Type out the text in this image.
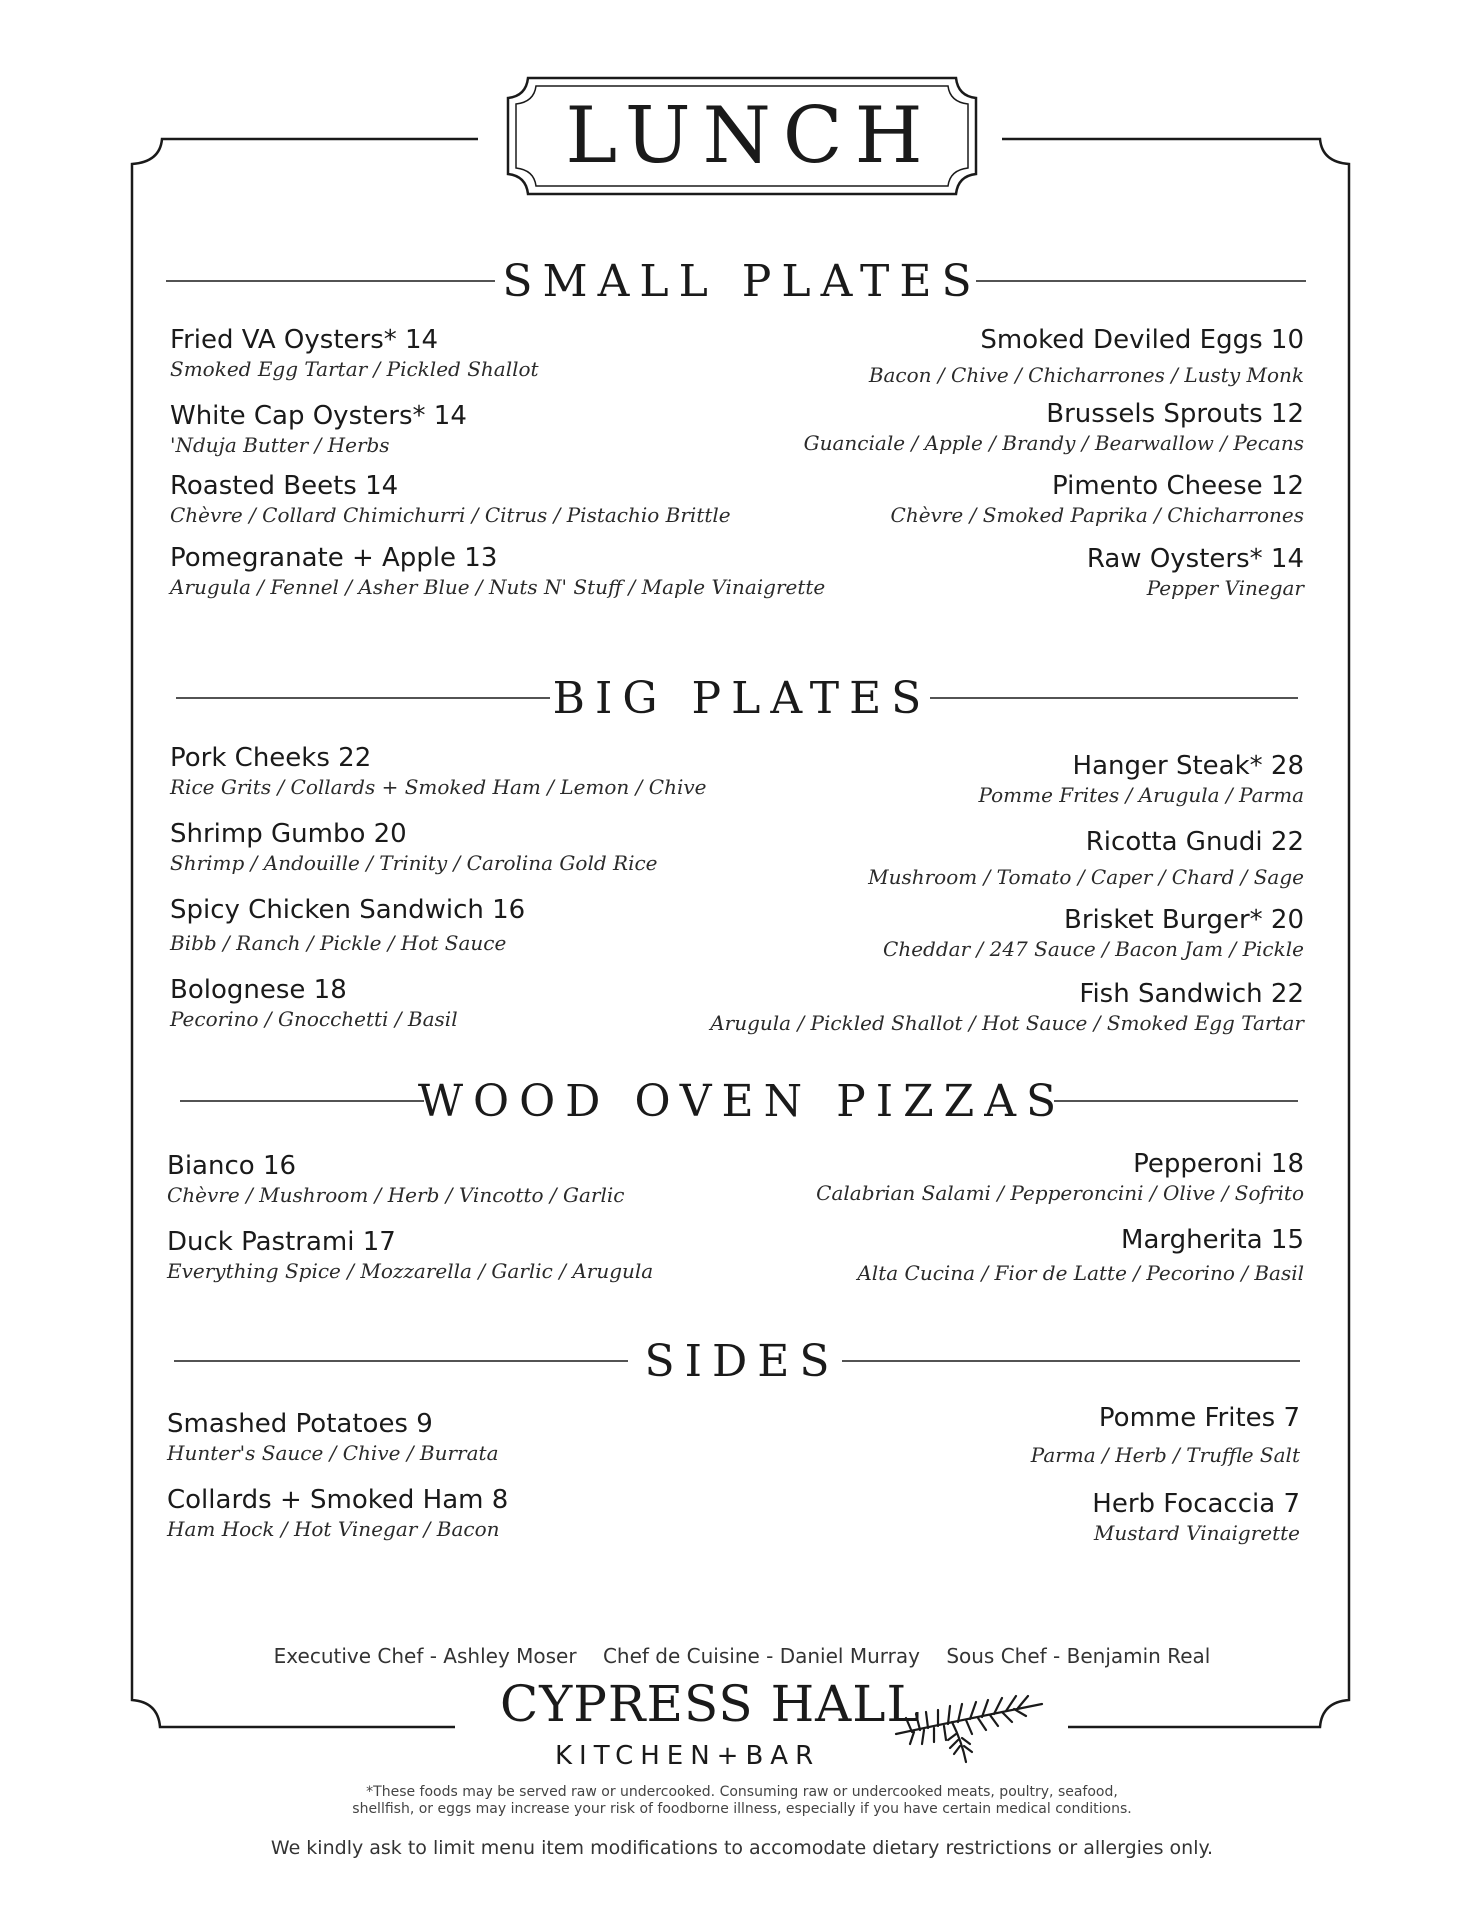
LUNCH
SMALL PLATES
Fried VA Oysters* 14
Smoked Egg Tartar / Pickled Shallot
White Cap Oysters* 14
'Nduja Butter / Herbs
Roasted Beets 14
Chèvre / Collard Chimichurri / Citrus / Pistachio Brittle
Pomegranate + Apple 13
Arugula / Fennel / Asher Blue / Nuts N' Stuff / Maple Vinaigrette
Smoked Deviled Eggs 10
Bacon / Chive / Chicharrones / Lusty Monk
Brussels Sprouts 12
Guanciale / Apple / Brandy / Bearwallow / Pecans
Pimento Cheese 12
Chèvre / Smoked Paprika / Chicharrones
Raw Oysters* 14
Pepper Vinegar
BIG PLATES
Pork Cheeks 22
Rice Grits / Collards + Smoked Ham / Lemon / Chive
Shrimp Gumbo 20
Shrimp / Andouille / Trinity / Carolina Gold Rice
Spicy Chicken Sandwich 16
Bibb / Ranch / Pickle / Hot Sauce
Bolognese 18
Pecorino / Gnocchetti / Basil
Hanger Steak* 28
Pomme Frites / Arugula / Parma
Ricotta Gnudi 22
Mushroom / Tomato / Caper / Chard / Sage
Brisket Burger* 20
Cheddar / 247 Sauce / Bacon Jam / Pickle
Fish Sandwich 22
Arugula / Pickled Shallot / Hot Sauce / Smoked Egg Tartar
WOOD OVEN PIZZAS
Bianco 16
Chèvre / Mushroom / Herb / Vincotto / Garlic
Duck Pastrami 17
Everything Spice / Mozzarella / Garlic / Arugula
Pepperoni 18
Calabrian Salami / Pepperoncini / Olive / Sofrito
Margherita 15
Alta Cucina / Fior de Latte / Pecorino / Basil
SIDES
Smashed Potatoes 9
Hunter's Sauce / Chive / Burrata
Collards + Smoked Ham 8
Ham Hock / Hot Vinegar / Bacon
Pomme Frites 7
Parma / Herb / Truffle Salt
Herb Focaccia 7
Mustard Vinaigrette
Executive Chef - Ashley Moser Chef de Cuisine - Daniel Murray Sous Chef - Benjamin Real
CYPRESS HALL
KITCHEN+BAR
*These foods may be served raw or undercooked. Consuming raw or undercooked meats, poultry, seafood,
shellfish, or eggs may increase your risk of foodborne illness, especially if you have certain medical conditions.
We kindly ask to limit menu item modifications to accomodate dietary restrictions or allergies only.
